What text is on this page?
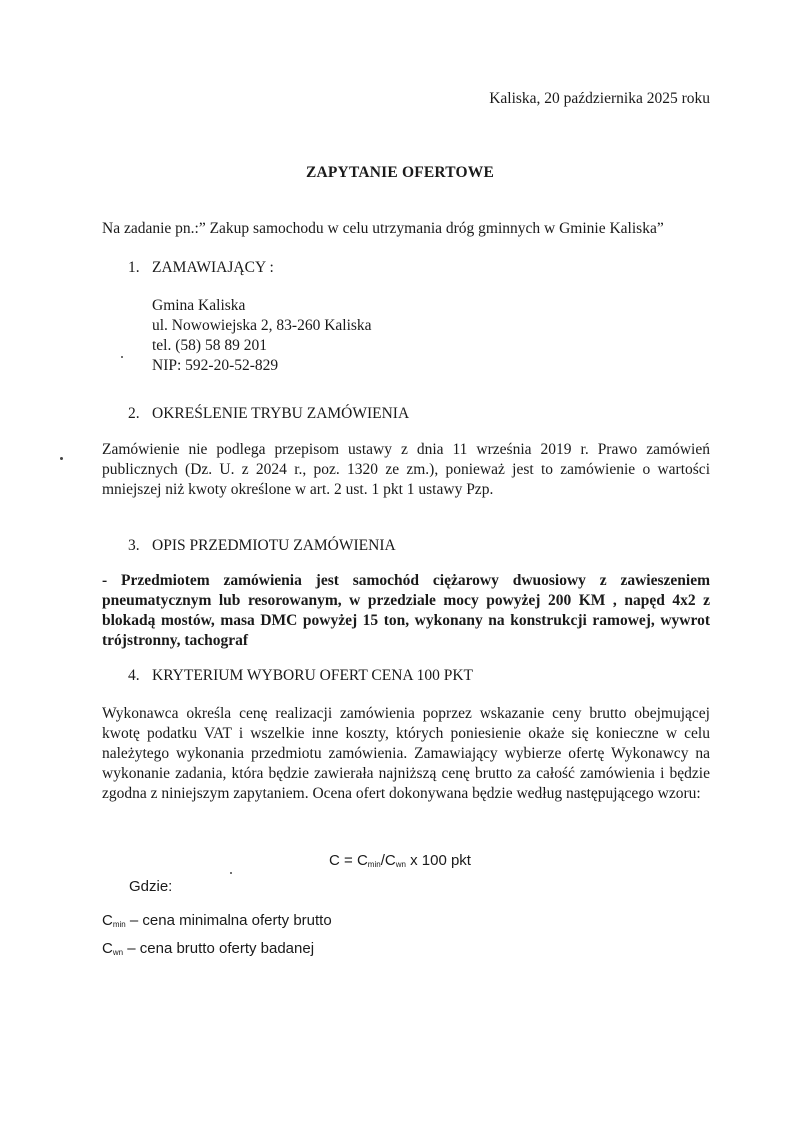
Kaliska, 20 października 2025 roku
ZAPYTANIE OFERTOWE
Na zadanie pn.:” Zakup samochodu w celu utrzymania dróg gminnych w Gminie Kaliska”
1. ZAMAWIAJĄCY :
Gmina Kaliska
ul. Nowowiejska 2, 83-260 Kaliska
tel. (58) 58 89 201
NIP: 592-20-52-829
2. OKREŚLENIE TRYBU ZAMÓWIENIA
Zamówienie nie podlega przepisom ustawy z dnia 11 września 2019 r. Prawo zamówień publicznych (Dz. U. z 2024 r., poz. 1320 ze zm.), ponieważ jest to zamówienie o wartości mniejszej niż kwoty określone w art. 2 ust. 1 pkt 1 ustawy Pzp.
3. OPIS PRZEDMIOTU ZAMÓWIENIA
- Przedmiotem zamówienia jest samochód ciężarowy dwuosiowy z zawieszeniem pneumatycznym lub resorowanym, w przedziale mocy powyżej 200 KM , napęd 4x2 z blokadą mostów, masa DMC powyżej 15 ton, wykonany na konstrukcji ramowej, wywrot trójstronny, tachograf
4. KRYTERIUM WYBORU OFERT CENA 100 PKT
Wykonawca określa cenę realizacji zamówienia poprzez wskazanie ceny brutto obejmującej kwotę podatku VAT i wszelkie inne koszty, których poniesienie okaże się konieczne w celu należytego wykonania przedmiotu zamówienia. Zamawiający wybierze ofertę Wykonawcy na wykonanie zadania, która będzie zawierała najniższą cenę brutto za całość zamówienia i będzie zgodna z niniejszym zapytaniem. Ocena ofert dokonywana będzie według następującego wzoru:
$C = C_{min}/C_{wn}$ x 100 pkt
Gdzie:
$C_{min}$ – cena minimalna oferty brutto
$C_{wn}$ – cena brutto oferty badanej
